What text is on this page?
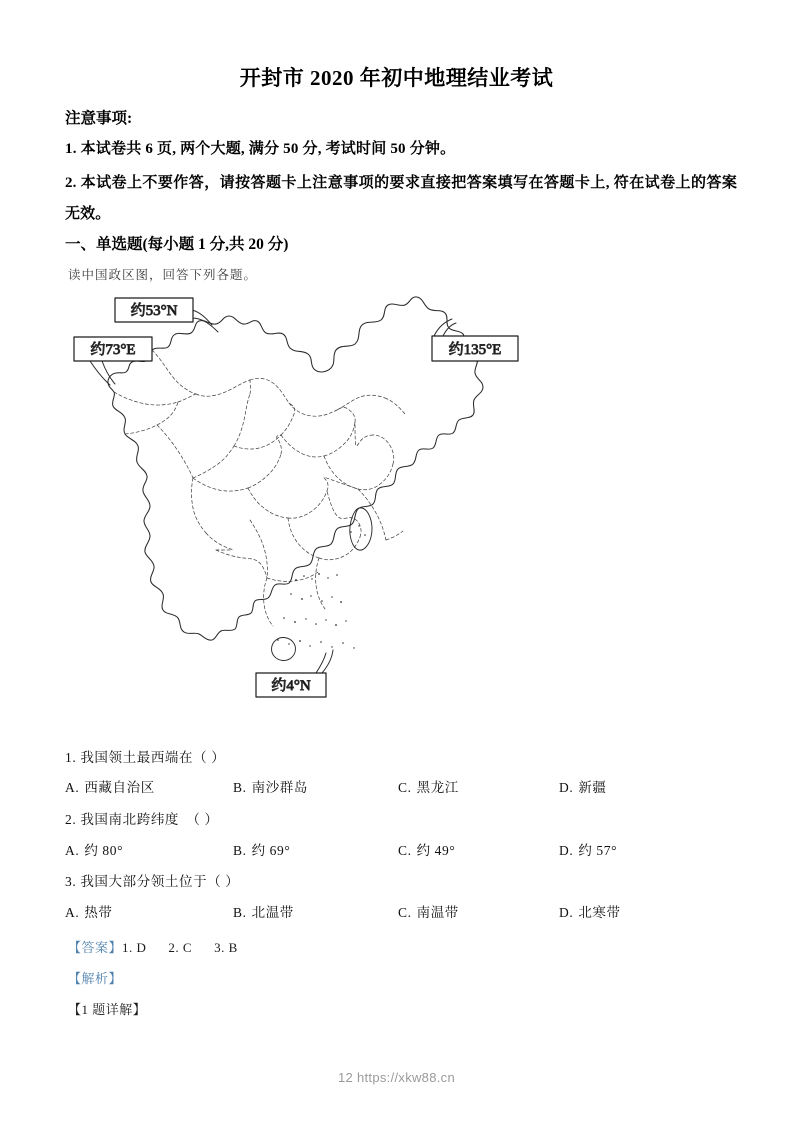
开封市 2020 年初中地理结业考试
注意事项:
1. 本试卷共 6 页, 两个大题, 满分 50 分, 考试时间 50 分钟。
2. 本试卷上不要作答，请按答题卡上注意事项的要求直接把答案填写在答题卡上, 符在试卷上的答案无效。
一、单选题(每小题 1 分,共 20 分)
读中国政区图，回答下列各题。
约53°N
约73°E	约135°E
约4°N
1. 我国领土最西端在（ ）
A. 西藏自治区	B. 南沙群岛	C. 黑龙江	D. 新疆
2. 我国南北跨纬度　（ ）
A. 约 80°	B. 约 69°	C. 约 49°	D. 约 57°
3. 我国大部分领土位于（ ）
A. 热带	B. 北温带	C. 南温带	D. 北寒带
【答案】1. D 2. C 3. B
【解析】
【1 题详解】
12 https://xkw88.cn
